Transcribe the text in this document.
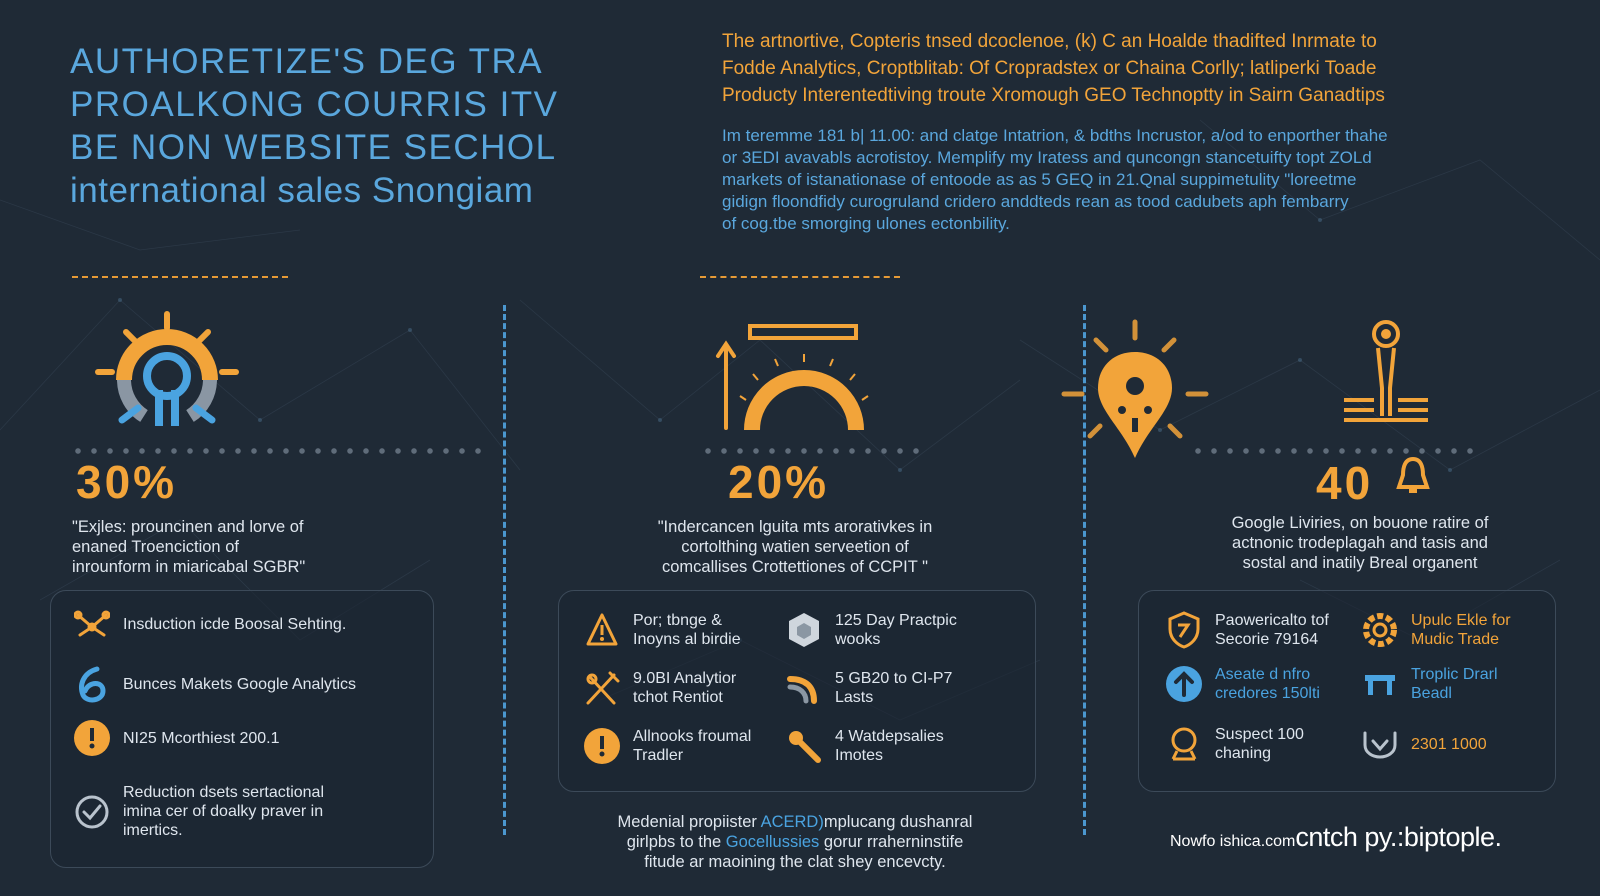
AUTHORETIZE'S DEG TRA
PROALKONG COURRIS ITV
BE NON WEBSITE SECHOL
international sales Snongiam
The artnortive, Copteris tnsed dcoclenoe, (k) C an Hoalde thadifted Inrmate to
Fodde Analytics, Croptblitab: Of Cropradstex or Chaina Corlly; latliperki Toade
Producty Interentedtiving troute Xromough GEO Technoptty in Sairn Ganadtips
Im teremme 181 b| 11.00: and clatge Intatrion, & bdths Incrustor, a/od to enporther thahe
or 3EDI avavabls acrotistoy. Memplify my Iratess and quncongn stancetuifty topt ZOLd
markets of istanationase of entoode as as 5 GEQ in 21.Qnal suppimetulity "loreetme
gidign floondfidy curogruland cridero anddteds rean as tood cadubets aph fembarry
of cog.tbe smorging ulones ectonbility.
30%
"Exjles: prouncinen and lorve of
enaned Troenciction of
inrounform in miaricabal SGBR"
Insduction icde Boosal Sehting.
Bunces Makets Google Analytics
NI25 Mcorthiest 200.1
Reduction dsets sertactional
imina cer of doalky praver in
imertics.
20%
"Indercancen lguita mts arorativkes in
cortolthing watien serveetion of
comcallises Crottettiones of CCPIT "
Por; tbnge &
Inoyns al birdie
125 Day Practpic
wooks
9.0BI Analytior
tchot Rentiot
5 GB20 to CI-P7
Lasts
Allnooks froumal
Tradler
4 Watdepsalies
Imotes
Medenial propiister ACERD)mplucang dushanral
girlpbs to the Gocellussies gorur rraherninstife
fitude ar maoining the clat shey encevcty.
40
Google Liviries, on bouone ratire of
actnonic trodeplagah and tasis and
sostal and inatily Breal organent
Paowericalto tof
Secorie 79164
Upulc Ekle for
Mudic Trade
Aseate d nfro
credores 150lti
Troplic Drarl
Beadl
Suspect 100
chaning
2301 1000
Nowfo ishica.comcntch py.:biptople.
